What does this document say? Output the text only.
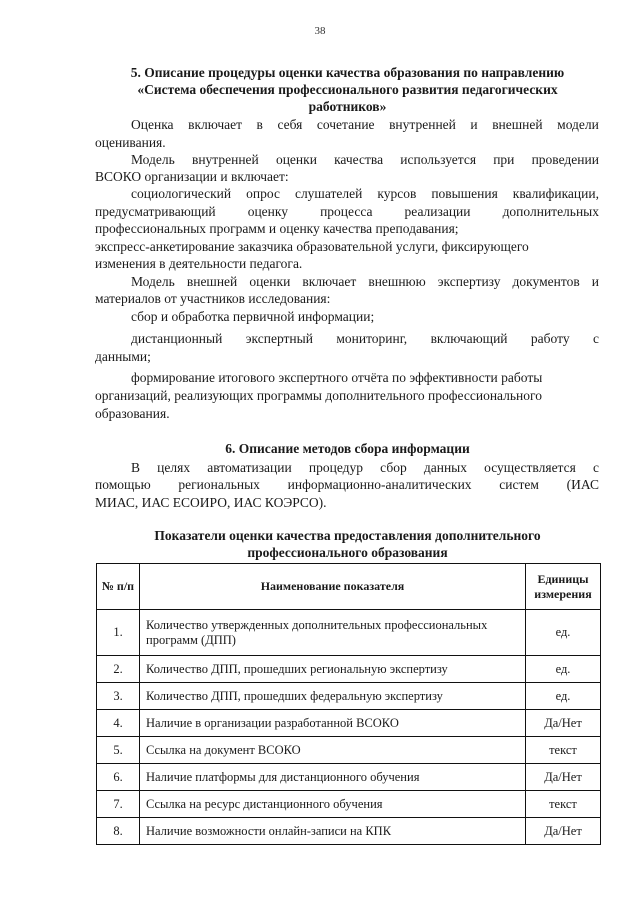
38
5. Описание процедуры оценки качества образования по направлению
«Система обеспечения профессионального развития педагогических
работников»
Оценка включает в себя сочетание внутренней и внешней модели
оценивания.
Модель внутренней оценки качества используется при проведении
ВСОКО организации и включает:
социологический опрос слушателей курсов повышения квалификации,
предусматривающий оценку процесса реализации дополнительных
профессиональных программ и оценку качества преподавания;
экспресс-анкетирование заказчика образовательной услуги, фиксирующего
изменения в деятельности педагога.
Модель внешней оценки включает внешнюю экспертизу документов и
материалов от участников исследования:
сбор и обработка первичной информации;
дистанционный экспертный мониторинг, включающий работу с
данными;
формирование итогового экспертного отчёта по эффективности работы
организаций, реализующих программы дополнительного профессионального
образования.
6. Описание методов сбора информации
В целях автоматизации процедур сбор данных осуществляется с
помощью региональных информационно-аналитических систем (ИАС
МИАС, ИАС ЕСОИРО, ИАС КОЭРСО).
Показатели оценки качества предоставления дополнительного
профессионального образования
№ п/п	Наименование показателя	Единицы измерения
1.	Количество утвержденных дополнительных профессиональных программ (ДПП)	ед.
2.	Количество ДПП, прошедших региональную экспертизу	ед.
3.	Количество ДПП, прошедших федеральную экспертизу	ед.
4.	Наличие в организации разработанной ВСОКО	Да/Нет
5.	Ссылка на документ ВСОКО	текст
6.	Наличие платформы для дистанционного обучения	Да/Нет
7.	Ссылка на ресурс дистанционного обучения	текст
8.	Наличие возможности онлайн-записи на КПК	Да/Нет
